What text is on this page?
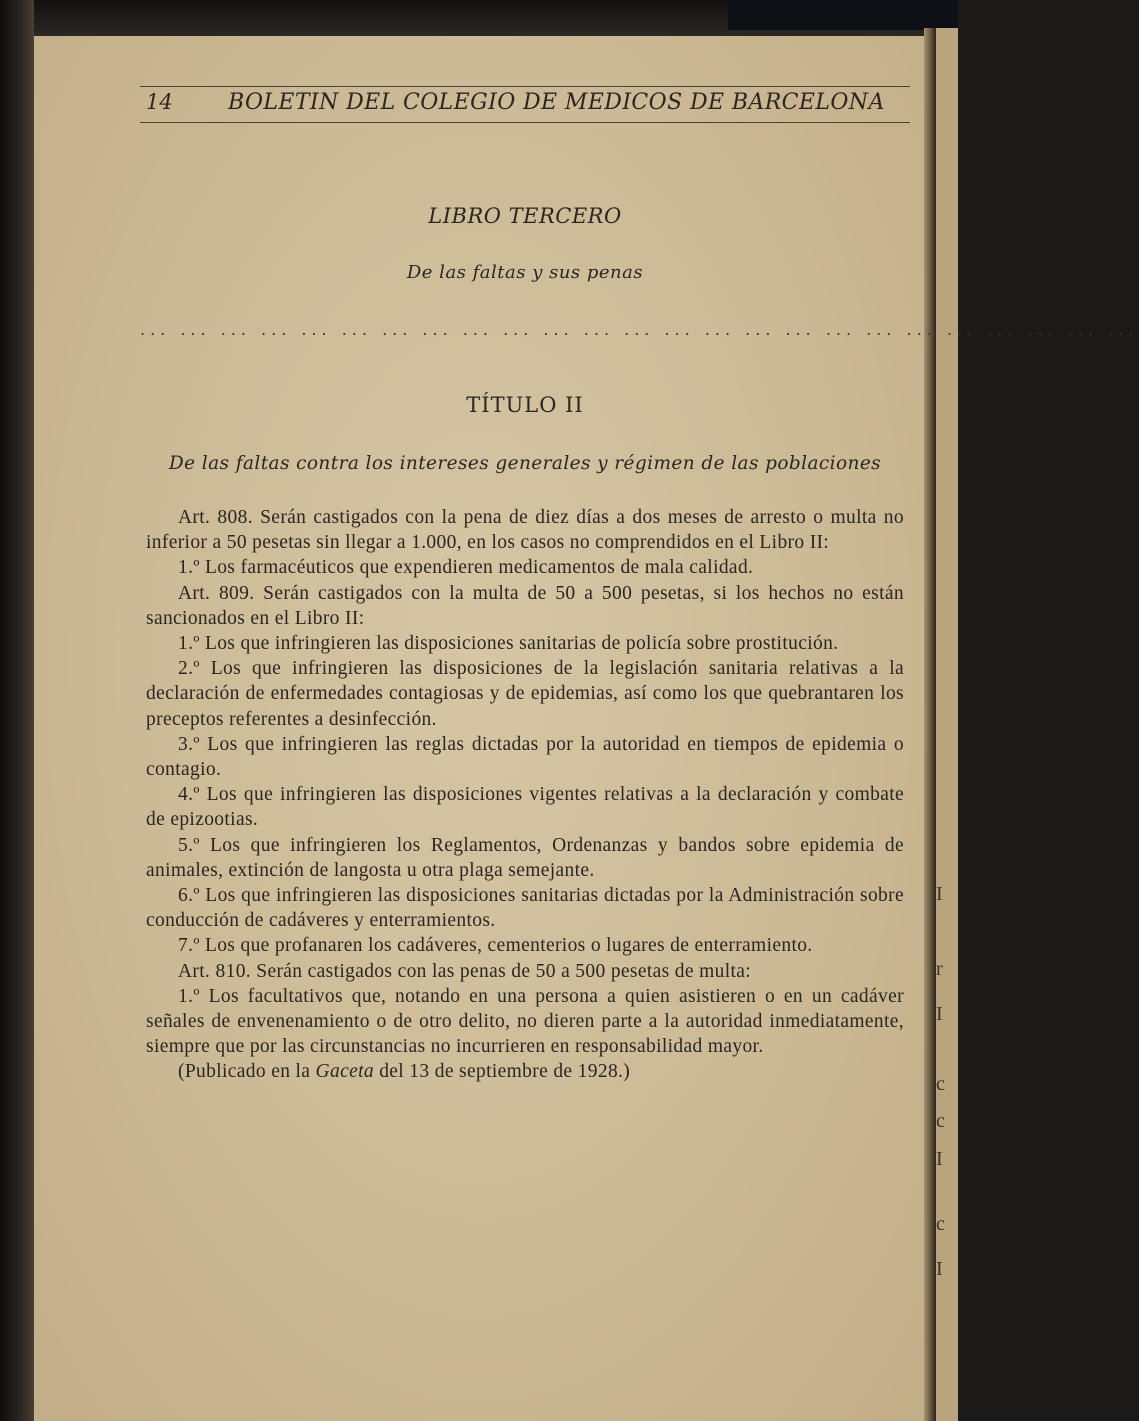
I
r
I
c
c
I
c
I
14	BOLETIN DEL COLEGIO DE MEDICOS DE BARCELONA
LIBRO TERCERO
De las faltas y sus penas
... ... ... ... ... ... ... ... ... ... ... ... ... ... ... ... ... ... ... ... ... ... ... ... ...
TÍTULO II
De las faltas contra los intereses generales y régimen de las poblaciones

Art. 808. Serán castigados con la pena de diez días a dos meses de arresto o multa no inferior a 50 pesetas sin llegar a 1.000, en los casos no comprendidos en el Libro II:

1.º Los farmacéuticos que expendieren medicamentos de mala calidad.

Art. 809. Serán castigados con la multa de 50 a 500 pesetas, si los hechos no están sancionados en el Libro II:

1.º Los que infringieren las disposiciones sanitarias de policía sobre prostitución.

2.º Los que infringieren las disposiciones de la legislación sanitaria relativas a la declaración de enfermedades contagiosas y de epidemias, así como los que quebrantaren los preceptos referentes a desinfección.

3.º Los que infringieren las reglas dictadas por la autoridad en tiempos de epidemia o contagio.

4.º Los que infringieren las disposiciones vigentes relativas a la declaración y combate de epizootias.

5.º Los que infringieren los Reglamentos, Ordenanzas y bandos sobre epidemia de animales, extinción de langosta u otra plaga semejante.

6.º Los que infringieren las disposiciones sanitarias dictadas por la Administración sobre conducción de cadáveres y enterramientos.

7.º Los que profanaren los cadáveres, cementerios o lugares de enterramiento.

Art. 810. Serán castigados con las penas de 50 a 500 pesetas de multa:

1.º Los facultativos que, notando en una persona a quien asistieren o en un cadáver señales de envenenamiento o de otro delito, no dieren parte a la autoridad inmediatamente, siempre que por las circunstancias no incurrieren en responsabilidad mayor.

(Publicado en la Gaceta del 13 de septiembre de 1928.)
